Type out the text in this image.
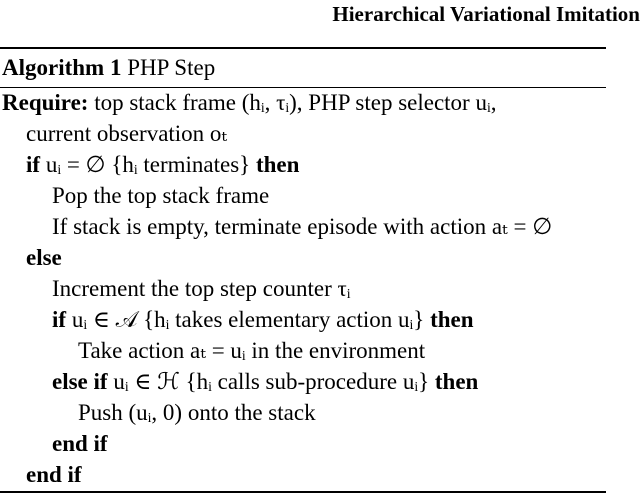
Hierarchical Variational Imitation
Algorithm 1 PHP Step
Require: top stack frame (hᵢ, τᵢ), PHP step selector uᵢ,
current observation oₜ
if uᵢ = ∅ {hᵢ terminates} then
Pop the top stack frame
If stack is empty, terminate episode with action aₜ = ∅
else
Increment the top step counter τᵢ
if uᵢ ∈ 𝒜 {hᵢ takes elementary action uᵢ} then
Take action aₜ = uᵢ in the environment
else if uᵢ ∈ ℋ {hᵢ calls sub-procedure uᵢ} then
Push (uᵢ, 0) onto the stack
end if
end if
